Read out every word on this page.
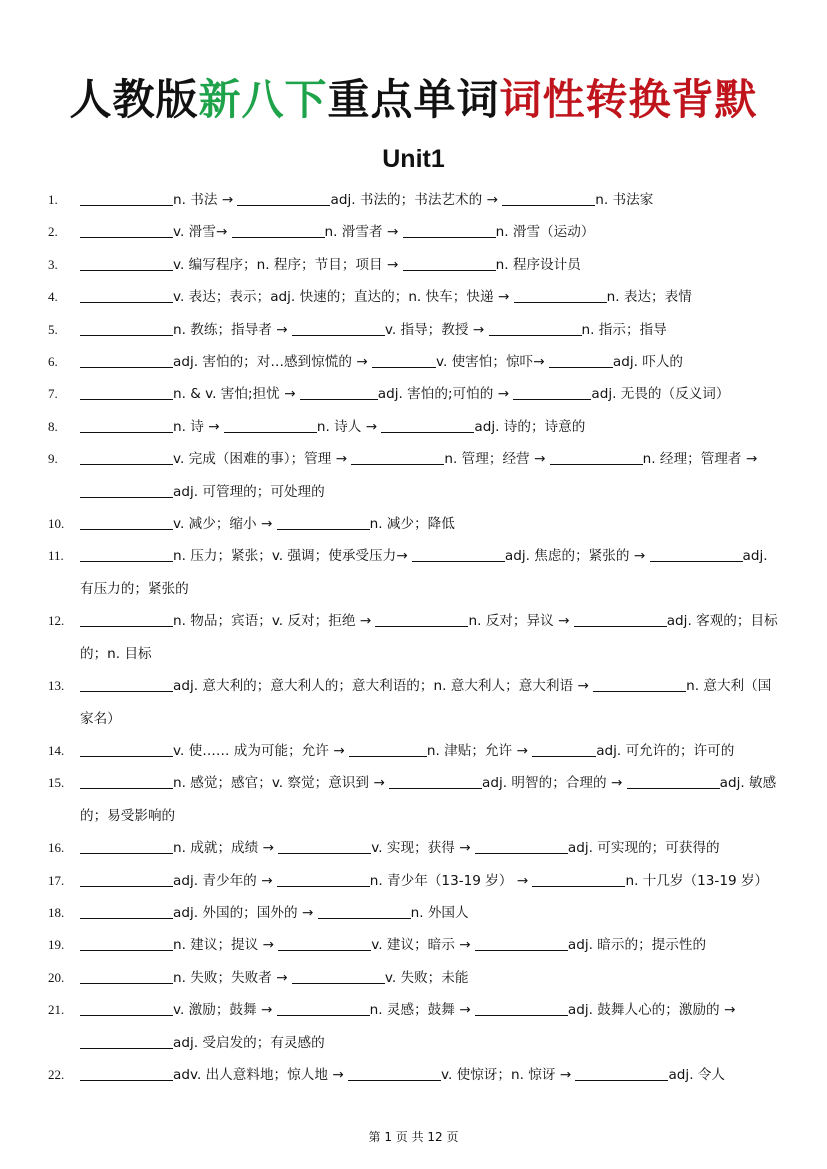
人教版新八下重点单词词性转换背默
Unit1
1.	n. 书法 →	adj. 书法的；书法艺术的 →	n. 书法家
2.	v. 滑雪→	n. 滑雪者 →	n. 滑雪（运动）
3.	v. 编写程序；n. 程序；节目；项目 →	n. 程序设计员
4.	v. 表达；表示；adj. 快速的；直达的；n. 快车；快递 →	n. 表达；表情
5.	n. 教练；指导者 →	v. 指导；教授 →	n. 指示；指导
6.	adj. 害怕的；对…感到惊慌的 →	v. 使害怕；惊吓→	adj. 吓人的
7.	n. & v. 害怕;担忧 →	adj. 害怕的;可怕的 →	adj. 无畏的（反义词）
8.	n. 诗 →	n. 诗人 →	adj. 诗的；诗意的
9.	v. 完成（困难的事）；管理 →	n. 管理；经营 →	n. 经理；管理者 → adj. 可管理的；可处理的
10.	v. 减少；缩小 →	n. 减少；降低
11.	n. 压力；紧张；v. 强调；使承受压力→	adj. 焦虑的；紧张的 →	adj. 有压力的；紧张的
12.	n. 物品；宾语；v. 反对；拒绝 →	n. 反对；异议 →	adj. 客观的；目标的；n. 目标
13.	adj. 意大利的；意大利人的；意大利语的；n. 意大利人；意大利语 →	n. 意大利（国家名）
14.	v. 使…… 成为可能；允许 →	n. 津贴；允许 →	adj. 可允许的；许可的
15.	n. 感觉；感官；v. 察觉；意识到 →	adj. 明智的；合理的 →	adj. 敏感的；易受影响的
16.	n. 成就；成绩 →	v. 实现；获得 →	adj. 可实现的；可获得的
17.	adj. 青少年的 →	n. 青少年（13-19 岁） →	n. 十几岁（13-19 岁）
18.	adj. 外国的；国外的 →	n. 外国人
19.	n. 建议；提议 →	v. 建议；暗示 →	adj. 暗示的；提示性的
20.	n. 失败；失败者 →	v. 失败；未能
21.	v. 激励；鼓舞 →	n. 灵感；鼓舞 →	adj. 鼓舞人心的；激励的 → adj. 受启发的；有灵感的
22.	adv. 出人意料地；惊人地 →	v. 使惊讶；n. 惊讶 →	adj. 令人
第 1 页 共 12 页
